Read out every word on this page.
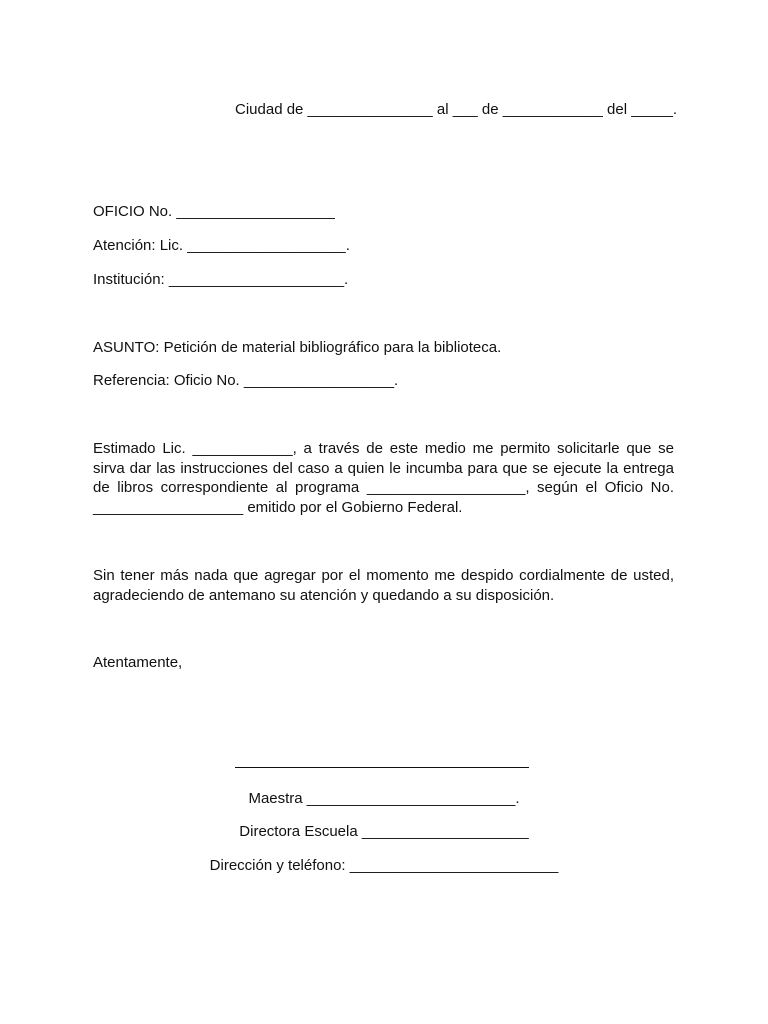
Ciudad de _______________ al ___ de ____________ del _____.
OFICIO No. ___________________
Atención: Lic. ___________________.
Institución: _____________________.
ASUNTO: Petición de material bibliográfico para la biblioteca.
Referencia: Oficio No. __________________.
Estimado Lic. ____________, a través de este medio me permito solicitarle que se sirva dar las instrucciones del caso a quien le incumba para que se ejecute la entrega de libros correspondiente al programa ___________________, según el Oficio No. __________________ emitido por el Gobierno Federal.
Sin tener más nada que agregar por el momento me despido cordialmente de usted, agradeciendo de antemano su atención y quedando a su disposición.
Atentamente,
Maestra _________________________.
Directora Escuela ____________________
Dirección y teléfono: _________________________
